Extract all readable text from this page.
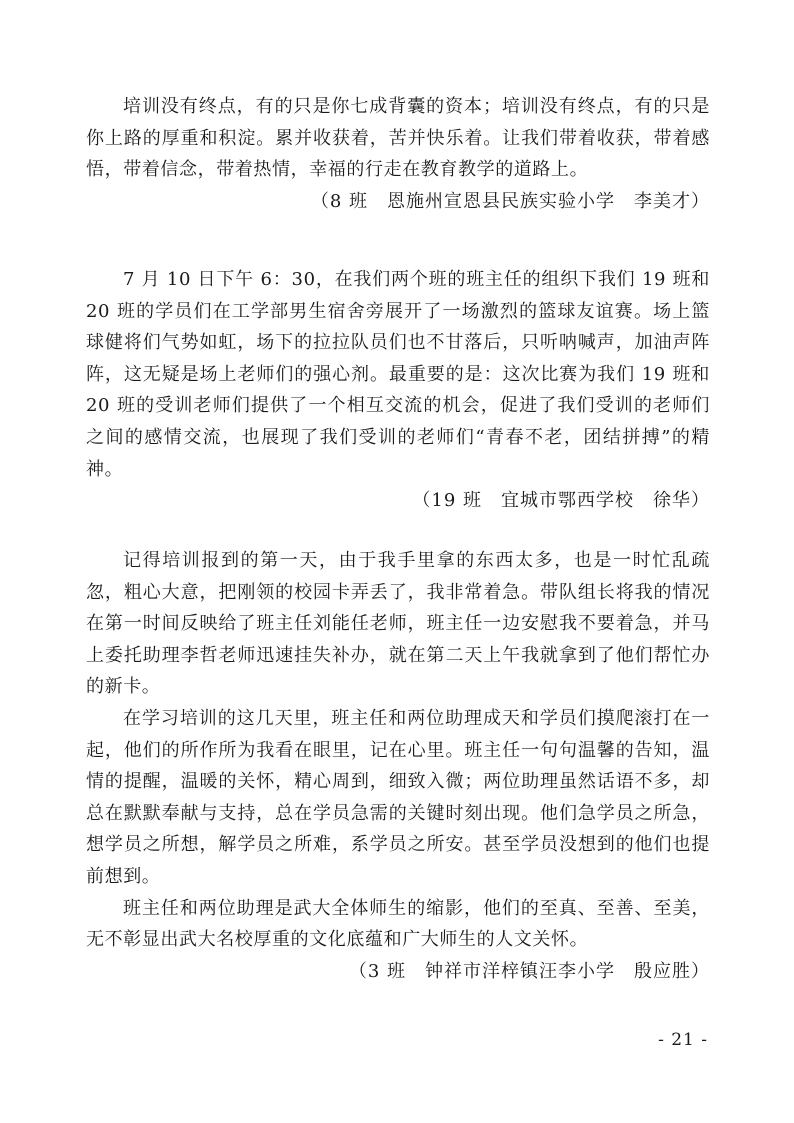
培训没有终点，有的只是你七成背囊的资本；培训没有终点，有的只是你上路的厚重和积淀。累并收获着，苦并快乐着。让我们带着收获，带着感悟，带着信念，带着热情，幸福的行走在教育教学的道路上。

（8 班　恩施州宣恩县民族实验小学　李美才）

7 月 10 日下午 6：30，在我们两个班的班主任的组织下我们 19 班和 20 班的学员们在工学部男生宿舍旁展开了一场激烈的篮球友谊赛。场上篮球健将们气势如虹，场下的拉拉队员们也不甘落后，只听呐喊声，加油声阵阵，这无疑是场上老师们的强心剂。最重要的是：这次比赛为我们 19 班和 20 班的受训老师们提供了一个相互交流的机会，促进了我们受训的老师们之间的感情交流，也展现了我们受训的老师们“青春不老，团结拼搏”的精神。

（19 班　宜城市鄂西学校　徐华）

记得培训报到的第一天，由于我手里拿的东西太多，也是一时忙乱疏忽，粗心大意，把刚领的校园卡弄丢了，我非常着急。带队组长将我的情况在第一时间反映给了班主任刘能任老师，班主任一边安慰我不要着急，并马上委托助理李哲老师迅速挂失补办，就在第二天上午我就拿到了他们帮忙办的新卡。

在学习培训的这几天里，班主任和两位助理成天和学员们摸爬滚打在一起，他们的所作所为我看在眼里，记在心里。班主任一句句温馨的告知，温情的提醒，温暖的关怀，精心周到，细致入微；两位助理虽然话语不多，却总在默默奉献与支持，总在学员急需的关键时刻出现。他们急学员之所急，想学员之所想，解学员之所难，系学员之所安。甚至学员没想到的他们也提前想到。

班主任和两位助理是武大全体师生的缩影，他们的至真、至善、至美，无不彰显出武大名校厚重的文化底蕴和广大师生的人文关怀。

（3 班　钟祥市洋梓镇汪李小学　殷应胜）

- 21 -
